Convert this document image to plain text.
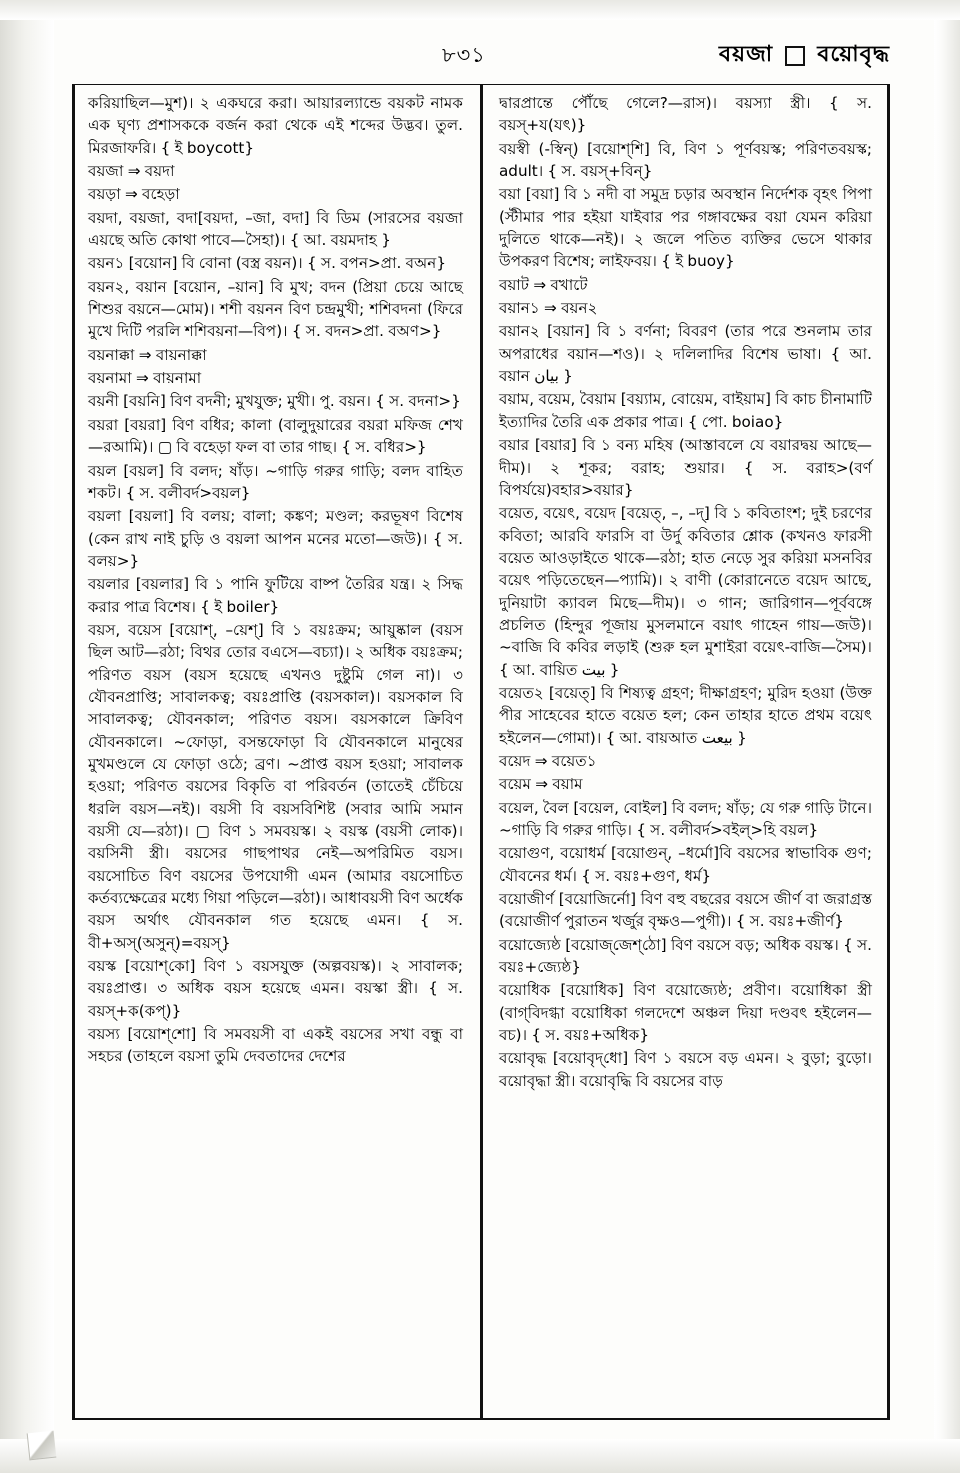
৮৩১	বয়জা বয়োবৃদ্ধ

করিয়াছিল—মুশ)। ২ একঘরে করা। আয়ারল্যান্ডে বয়কট নামক এক ঘৃণ্য প্রশাসককে বর্জন করা থেকে এই শব্দের উদ্ভব। তুল. মিরজাফরি। { ই boycott}

বয়জা ⇒ বয়দা

বয়ড়া ⇒ বহেড়া

বয়দা, বয়জা, বদা[বয়দা, –জা, বদা] বি ডিম (সারসের বয়জা এয়ছে অতি কোথা পাবে—সৈহা)। { আ. বয়মদাহ }

বয়ন১ [বয়োন] বি বোনা (বস্ত্র বয়ন)। { স. বপন>প্রা. বঅন}

বয়ন২, বয়ান [বয়োন, –য়ান] বি মুখ; বদন (প্রিয়া চেয়ে আছে শিশুর বয়নে—মোম)। শশী বয়নন বিণ চন্দ্রমুখী; শশিবদনা (ফিরে মুখে দিটি পরলি শশিবয়না—বিপ)। { স. বদন>প্রা. বঅণ>}

বয়নাক্কা ⇒ বায়নাক্কা

বয়নামা ⇒ বায়নামা

বয়নী [বয়নি] বিণ বদনী; মুখযুক্ত; মুখী। পু. বয়ন। { স. বদনা>}

বয়রা [বয়রা] বিণ বধির; কালা (বালুদুয়ারের বয়রা মফিজ শেখ—রআমি)। ▢ বি বহেড়া ফল বা তার গাছ। { স. বধির>}

বয়ল [বয়ল] বি বলদ; ষাঁড়। ~গাড়ি গরুর গাড়ি; বলদ বাহিত শকট। { স. বলীবর্দ>বয়ল}

বয়লা [বয়লা] বি বলয়; বালা; কঙ্কণ; মণ্ডল; করভূষণ বিশেষ (কেন রাখ নাই চুড়ি ও বয়লা আপন মনের মতো—জউ)। { স. বলয়>}

বয়লার [বয়লার] বি ১ পানি ফুটিয়ে বাষ্প তৈরির যন্ত্র। ২ সিদ্ধ করার পাত্র বিশেষ। { ই boiler}

বয়স, বয়েস [বয়োশ্, –য়েশ্] বি ১ বয়ঃক্রম; আয়ুষ্কাল (বয়স ছিল আট—রঠা; বিথর তোর বএসে—বচ্যা)। ২ অধিক বয়ঃক্রম; পরিণত বয়স (বয়স হয়েছে এখনও দুষ্টুমি গেল না)। ৩ যৌবনপ্রাপ্তি; সাবালকত্ব; বয়ঃপ্রাপ্তি (বয়সকাল)। বয়সকাল বি সাবালকত্ব; যৌবনকাল; পরিণত বয়স। বয়সকালে ক্রিবিণ যৌবনকালে। ~ফোড়া, বসন্তফোড়া বি যৌবনকালে মানুষের মুখমণ্ডলে যে ফোড়া ওঠে; ব্রণ। ~প্রাপ্ত বয়স হওয়া; সাবালক হওয়া; পরিণত বয়সের বিকৃতি বা পরিবর্তন (তাতেই চেঁচিয়ে ধরলি বয়স—নই)। বয়সী বি বয়সবিশিষ্ট (সবার আমি সমান বয়সী যে—রঠা)। ▢ বিণ ১ সমবয়স্ক। ২ বয়স্ক (বয়সী লোক)। বয়সিনী স্ত্রী। বয়সের গাছপাথর নেই—অপরিমিত বয়স। বয়সোচিত বিণ বয়সের উপযোগী এমন (আমার বয়সোচিত কর্তব্যক্ষেত্রের মধ্যে গিয়া পড়িলে—রঠা)। আধাবয়সী বিণ অর্ধেক বয়স অর্থাৎ যৌবনকাল গত হয়েছে এমন। { স. বী+অস্(অসুন্)=বয়স্}

বয়স্ক [বয়োশ্‌কো] বিণ ১ বয়সযুক্ত (অল্পবয়স্ক)। ২ সাবালক; বয়ঃপ্রাপ্ত। ৩ অধিক বয়স হয়েছে এমন। বয়স্কা স্ত্রী। { স. বয়স্‌+ক(কপ্)}

বয়স্য [বয়োশ্‌শো] বি সমবয়সী বা একই বয়সের সখা বন্ধু বা সহচর (তাহলে বয়সা তুমি দেবতাদের দেশের

দ্বারপ্রান্তে পৌঁছে গেলে?—রাস)। বয়স্যা স্ত্রী। { স. বয়স্‌+য(যৎ)}

বয়স্বী (-স্বিন্) [বয়োশ্‌শি] বি, বিণ ১ পূর্ণবয়স্ক; পরিণতবয়স্ক; adult। { স. বয়স্‌+বিন্}

বয়া [বয়া] বি ১ নদী বা সমুদ্র চড়ার অবস্থান নির্দেশক বৃহৎ পিপা (স্টীমার পার হইয়া যাইবার পর গঙ্গাবক্ষের বয়া যেমন করিয়া দুলিতে থাকে—নই)। ২ জলে পতিত ব্যক্তির ভেসে থাকার উপকরণ বিশেষ; লাইফবয়। { ই buoy}

বয়াট ⇒ বখাটে

বয়ান১ ⇒ বয়ন২

বয়ান২ [বয়ান] বি ১ বর্ণনা; বিবরণ (তার পরে শুনলাম তার অপরাধের বয়ান—শও)। ২ দলিলাদির বিশেষ ভাষা। { আ. বয়ান بيان }

বয়াম, বয়েম, বৈয়াম [বয়্যাম, বোয়েম, বাইয়াম] বি কাচ চীনামাটি ইত্যাদির তৈরি এক প্রকার পাত্র। { পো. boiao}

বয়ার [বয়ার] বি ১ বন্য মহিষ (আস্তাবলে যে বয়ারদ্বয় আছে—দীম)। ২ শূকর; বরাহ; শুয়ার। { স. বরাহ>(বর্ণ বিপর্যয়ে)বহার>বয়ার}

বয়েত, বয়েৎ, বয়েদ [বয়েত্, –, –দ্] বি ১ কবিতাংশ; দুই চরণের কবিতা; আরবি ফারসি বা উর্দু কবিতার শ্লোক (কখনও ফারসী বয়েত আওড়াইতে থাকে—রঠা; হাত নেড়ে সুর করিয়া মসনবির বয়েৎ পড়িতেছেন—প্যামি)। ২ বাণী (কোরানেতে বয়েদ আছে, দুনিয়াটা ক্যাবল মিছে—দীম)। ৩ গান; জারিগান—পূর্ববঙ্গে প্রচলিত (হিন্দুর পূজায় মুসলমানে বয়াৎ গাহেন গায়—জউ)। ~বাজি বি কবির লড়াই (শুরু হল মুশাইরা বয়েৎ-বাজি—সৈম)। { আ. বায়িত بيت }

বয়েত২ [বয়েত্] বি শিষ্যত্ব গ্রহণ; দীক্ষাগ্রহণ; মুরিদ হওয়া (উক্ত পীর সাহেবের হাতে বয়েত হল; কেন তাহার হাতে প্রথম বয়েৎ হইলেন—গোমা)। { আ. বায়আত بيعت }

বয়েদ ⇒ বয়েত১

বয়েম ⇒ বয়াম

বয়েল, বৈল [বয়েল, বোইল] বি বলদ; ষাঁড়; যে গরু গাড়ি টানে। ~গাড়ি বি গরুর গাড়ি। { স. বলীবর্দ>বইল্‌>হি বয়ল}

বয়োগুণ, বয়োধর্ম [বয়োগুন্, –ধর্মো]বি বয়সের স্বাভাবিক গুণ; যৌবনের ধর্ম। { স. বয়ঃ+গুণ, ধর্ম}

বয়োজীর্ণ [বয়োজির্নো] বিণ বহু বছরের বয়সে জীর্ণ বা জরাগ্রস্ত (বয়োজীর্ণ পুরাতন খর্জুর বৃক্ষও—পুগী)। { স. বয়ঃ+জীর্ণ}

বয়োজ্যেষ্ঠ [বয়োজ্‌জেশ্‌ঠো] বিণ বয়সে বড়; অধিক বয়স্ক। { স. বয়ঃ+জ্যেষ্ঠ}

বয়োধিক [বয়োধিক] বিণ বয়োজ্যেষ্ঠ; প্রবীণ। বয়োধিকা স্ত্রী (বাগ্‌বিদগ্ধা বয়োধিকা গলদেশে অঞ্চল দিয়া দণ্ডবৎ হইলেন—বচ)। { স. বয়ঃ+অধিক}

বয়োবৃদ্ধ [বয়োবৃদ্‌ধো] বিণ ১ বয়সে বড় এমন। ২ বুড়া; বুড়ো। বয়োবৃদ্ধা স্ত্রী। বয়োবৃদ্ধি বি বয়সের বাড়
